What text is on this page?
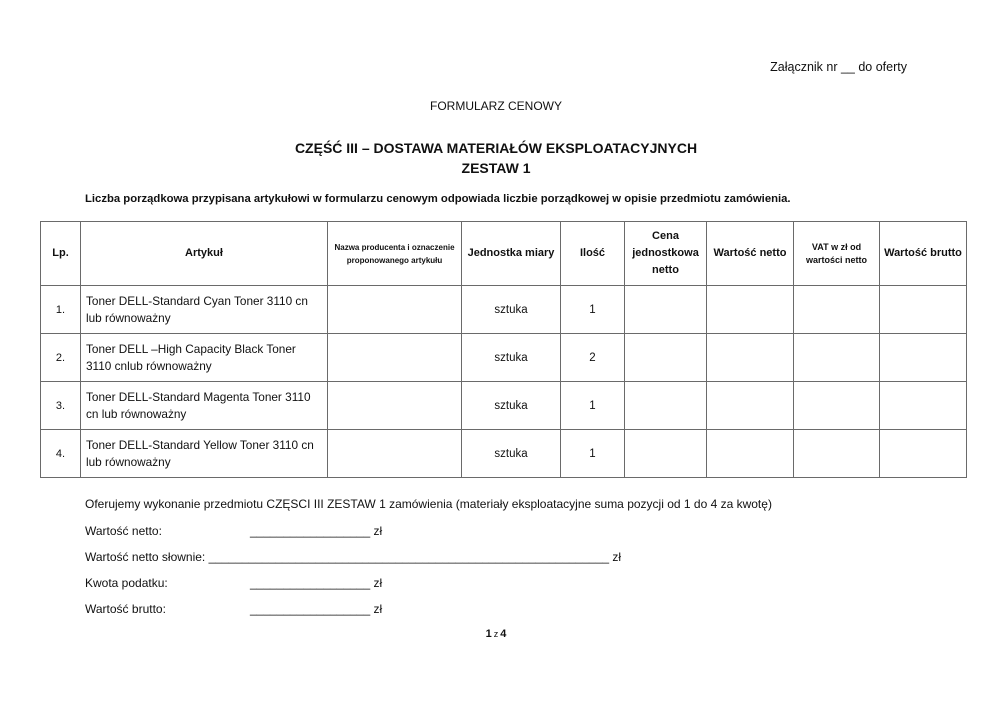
Załącznik nr __ do oferty
FORMULARZ CENOWY
CZĘŚĆ III – DOSTAWA MATERIAŁÓW EKSPLOATACYJNYCH
ZESTAW 1
Liczba porządkowa przypisana artykułowi w formularzu cenowym odpowiada liczbie porządkowej w opisie przedmiotu zamówienia.
Lp.	Artykuł	Nazwa producenta i oznaczenie proponowanego artykułu	Jednostka miary	Ilość	Cena jednostkowa netto	Wartość netto	VAT w zł od wartości netto	Wartość brutto
1.	Toner DELL-Standard Cyan Toner 3110 cn lub równoważny		sztuka	1				
2.	Toner DELL –High Capacity Black Toner 3110 cnlub równoważny		sztuka	2				
3.	Toner DELL-Standard Magenta Toner 3110 cn lub równoważny		sztuka	1				
4.	Toner DELL-Standard Yellow Toner 3110 cn lub równoważny		sztuka	1				
Oferujemy wykonanie przedmiotu CZĘSCI III ZESTAW 1 zamówienia (materiały eksploatacyjne suma pozycji od 1 do 4 za kwotę)
Wartość netto:	__________________ zł
Wartość netto słownie: ____________________________________________________________ zł
Kwota podatku:	__________________ zł
Wartość brutto:	__________________ zł
1 z 4
